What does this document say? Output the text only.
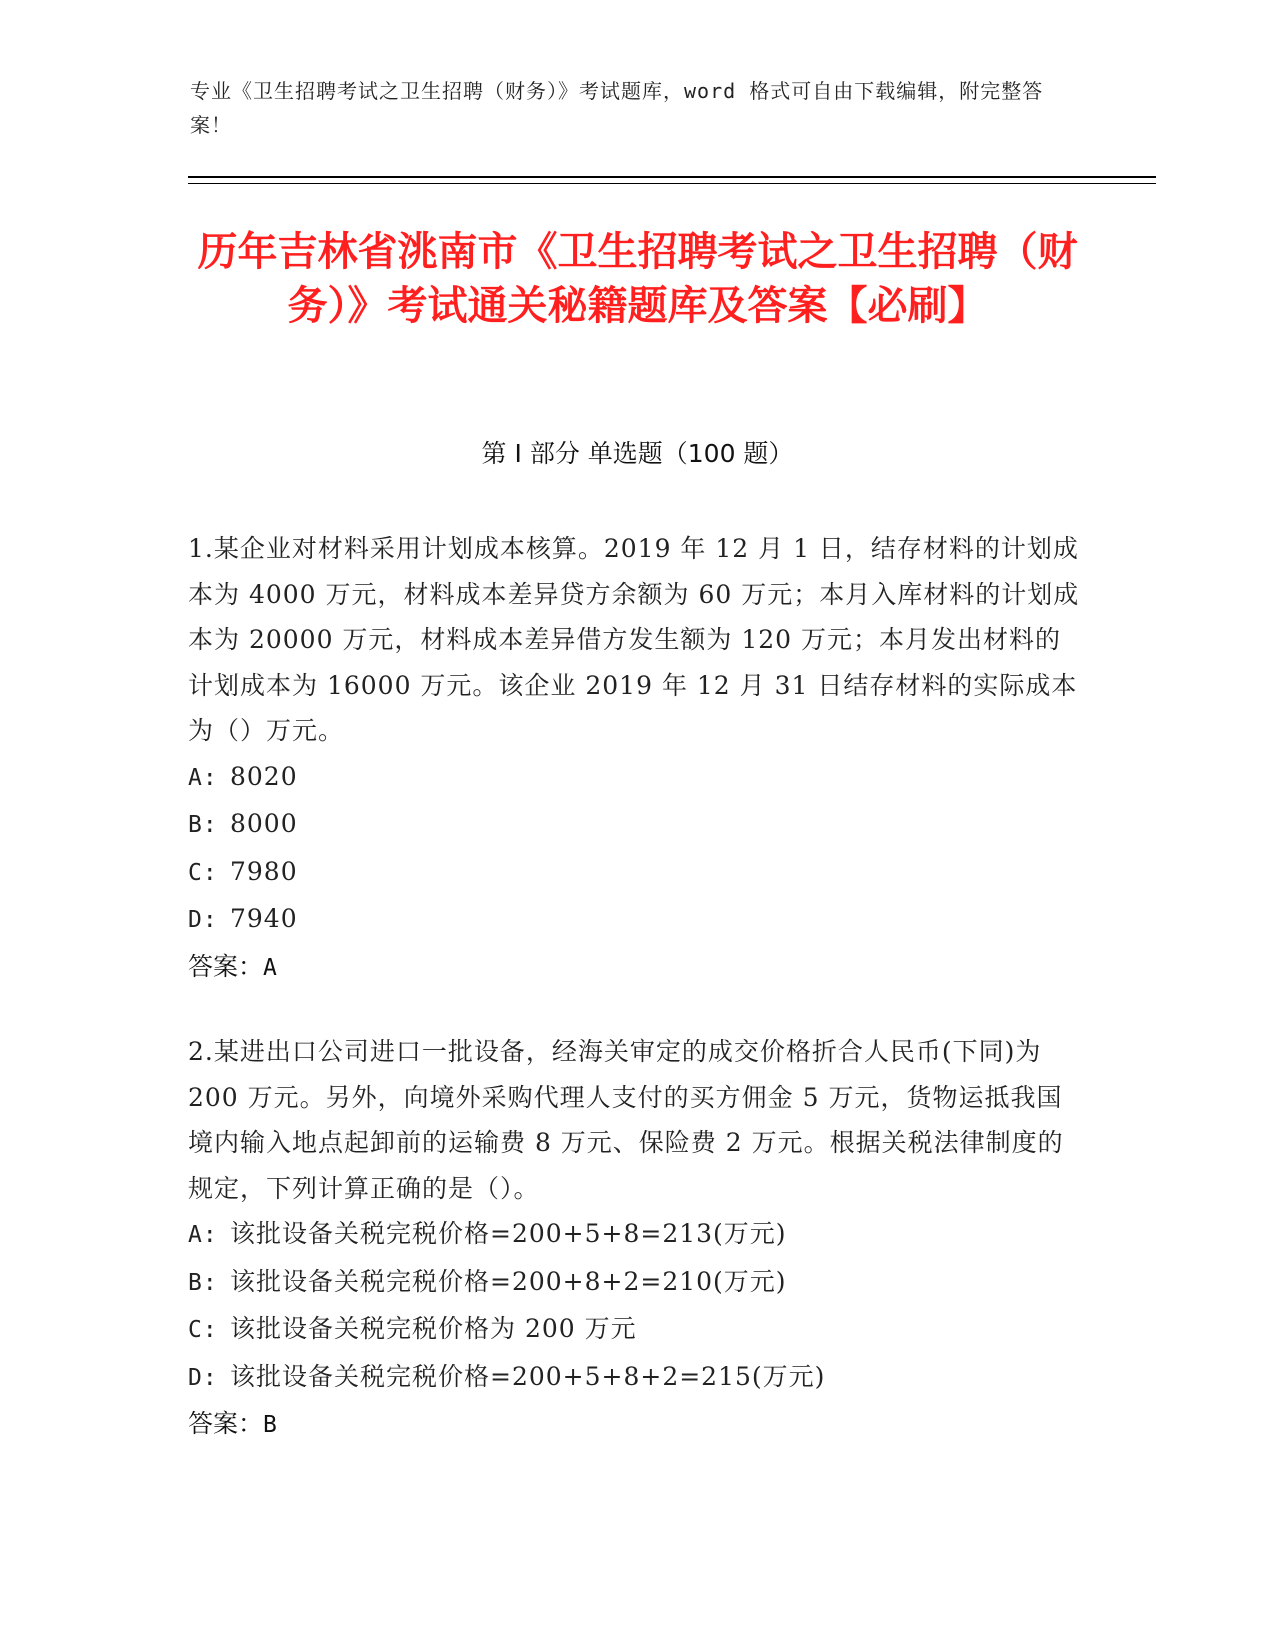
专业《卫生招聘考试之卫生招聘（财务）》考试题库，word 格式可自由下载编辑，附完整答案！
历年吉林省洮南市《卫生招聘考试之卫生招聘（财务）》考试通关秘籍题库及答案【必刷】
第 I 部分 单选题（100 题）
1.某企业对材料采用计划成本核算。2019 年 12 月 1 日，结存材料的计划成本为 4000 万元，材料成本差异贷方余额为 60 万元；本月入库材料的计划成本为 20000 万元，材料成本差异借方发生额为 120 万元；本月发出材料的计划成本为 16000 万元。该企业 2019 年 12 月 31 日结存材料的实际成本为（）万元。
A: 8020
B: 8000
C: 7980
D: 7940
答案：A
2.某进出口公司进口一批设备，经海关审定的成交价格折合人民币(下同)为 200 万元。另外，向境外采购代理人支付的买方佣金 5 万元，货物运抵我国境内输入地点起卸前的运输费 8 万元、保险费 2 万元。根据关税法律制度的规定，下列计算正确的是（）。
A: 该批设备关税完税价格=200+5+8=213(万元)
B: 该批设备关税完税价格=200+8+2=210(万元)
C: 该批设备关税完税价格为 200 万元
D: 该批设备关税完税价格=200+5+8+2=215(万元)
答案：B
